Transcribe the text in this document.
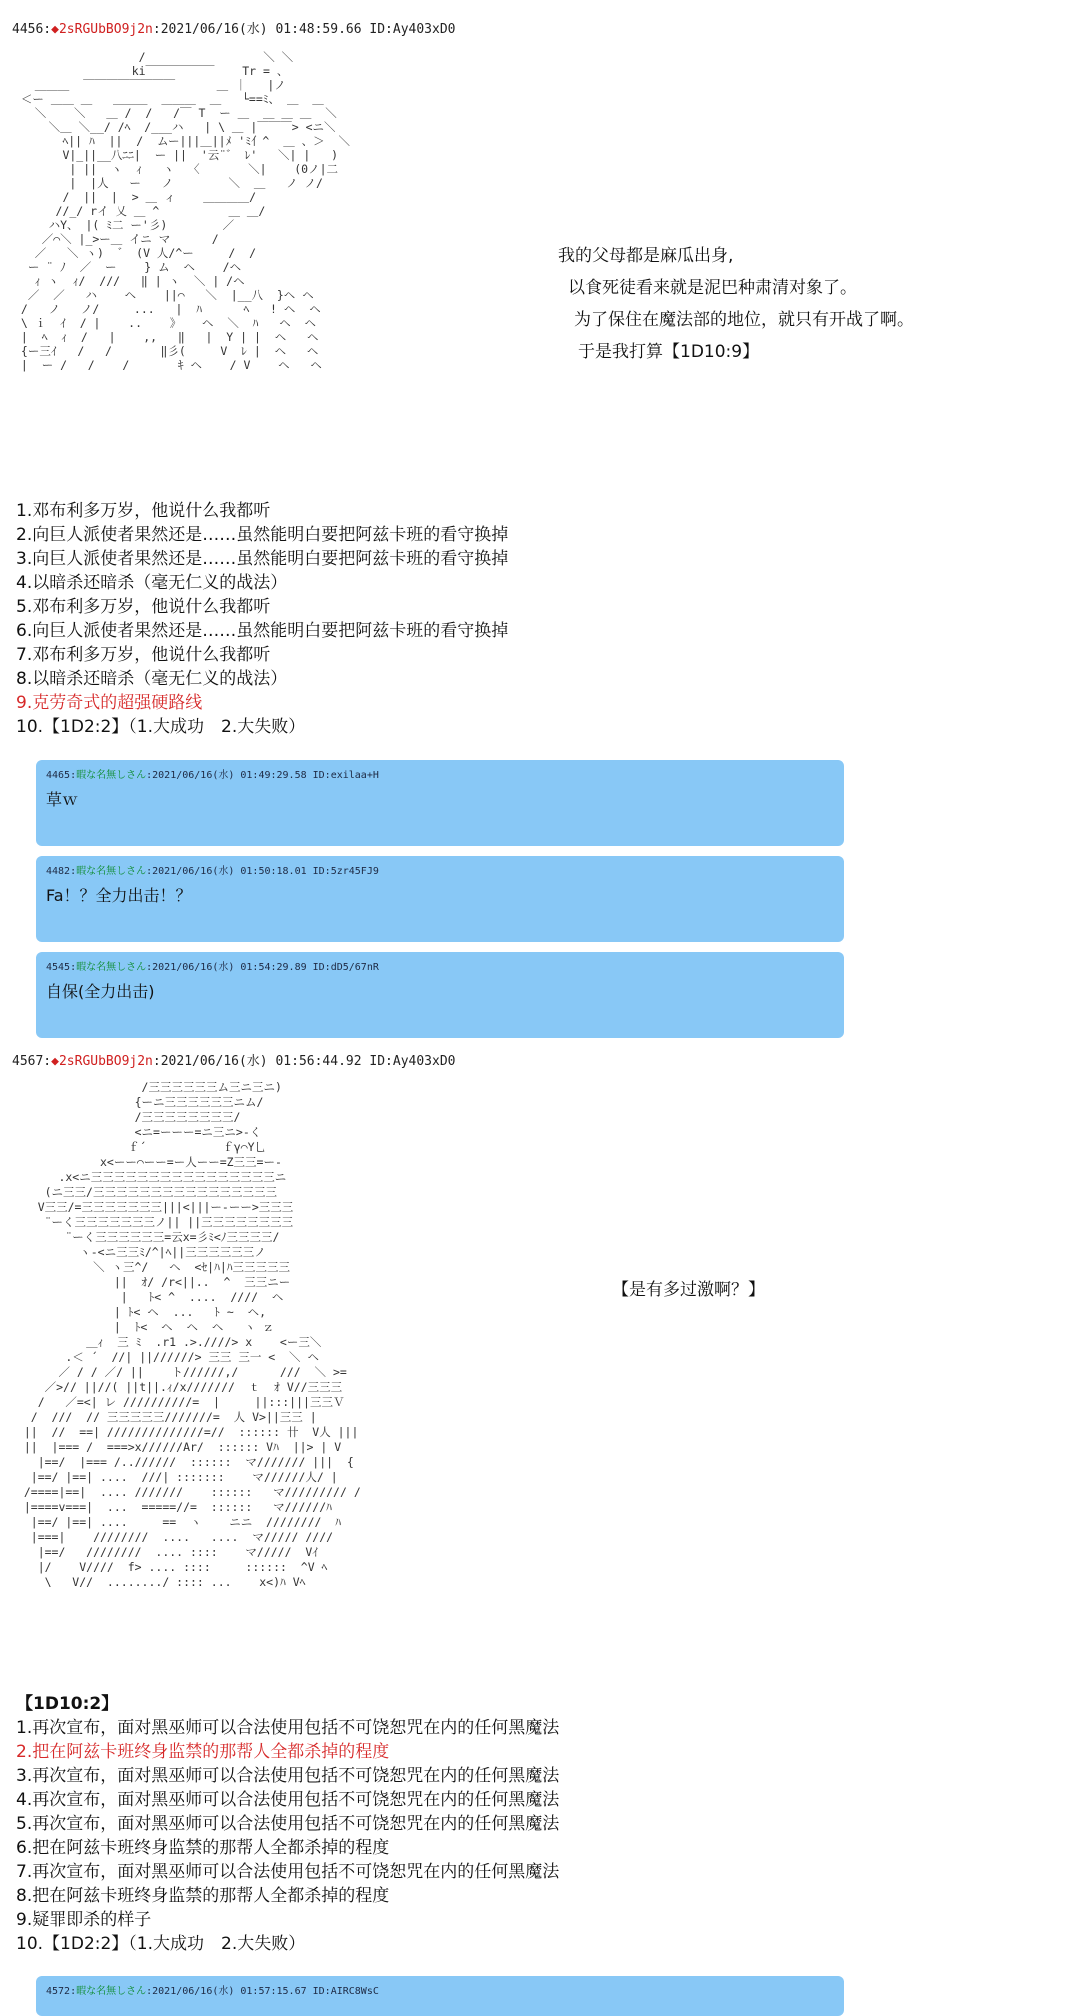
4456:◆2sRGUbBO9j2n:2021/06/16(水) 01:48:59.66 ID:Ay403xD0
/                 ＼ ＼
ki￣￣￣￣￣￣    Tr = 、
＿＿＿  ￣￣￣￣￣￣￣￣      ＿ ｜   |ノ
＜ー ＿＿ ＿   ＿＿＿  ＿＿＿  ＿   └==ﾐ、 ＿  ＿
＼    ＼   ＿ /  /   /￣ T  ー ＿  ＿ ＿ ＿  ＼
＼＿ ＼__/ /ﾍ  /___ハ   | \ ＿ |￣￣￣> <ニ＼
ﾍ|| ﾊ  ||  /  ムー|||＿||ﾒ 'ﾐ亻^  ＿ 、＞  ＼
V|_||__八ﾆﾆ|  ー ||  '云¨゛ ﾚ'   ＼| |   )
| ||  ヽ  ｨ   ヽ  〈       ＼|    (0ノ|二
|  |人   ー   ノ        ＼  ＿   ノ ノ/
/  ||  |  > ＿ ィ    ＿＿＿＿/
//_/ rイ 乂 ＿ ^          ＿ ＿/
ハY、 |( ﾐ二 ー'彡)        ／
／⌒＼ |_>ー＿ イニ マ      /
／   ＼ ヽ)  ゛ (V 人/^ー     /  /
ー ¨ ﾉ  ／  ー    } ム  ヘ    /ヘ
ｨ ヽ  ｨ/  ///   ‖ | ヽ  ＼ | /ヘ
／  ／   ハ    ヘ    ||⌒   ＼  |__八  }ヘ ヘ
/   ノ   ノ/     ...   |  ﾊ      ﾍ   ! ヘ  ヘ
\ ｉ  ｲ  / |    ..    》   ヘ  ＼  ﾊ   ヘ  ヘ
|  ﾍ  ｨ  /   |    ,,   ‖   |  Y | |  ヘ   ヘ
{ー三ｲ   /   /       ‖彡(     V  ﾚ |  ヘ   ヘ
|  ー /   /    /       ｷ ヘ    / V    ヘ   ヘ
我的父母都是麻瓜出身,
以食死徒看来就是泥巴种肃清对象了。
为了保住在魔法部的地位，就只有开战了啊。
于是我打算【1D10:9】
1.邓布利多万岁，他说什么我都听
2.向巨人派使者果然还是……虽然能明白要把阿兹卡班的看守换掉
3.向巨人派使者果然还是……虽然能明白要把阿兹卡班的看守换掉
4.以暗杀还暗杀（毫无仁义的战法）
5.邓布利多万岁，他说什么我都听
6.向巨人派使者果然还是……虽然能明白要把阿兹卡班的看守换掉
7.邓布利多万岁，他说什么我都听
8.以暗杀还暗杀（毫无仁义的战法）
9.克劳奇式的超强硬路线
10.【1D2:2】（1.大成功　2.大失败）
4465:暇な名無しさん:2021/06/16(水) 01:49:29.58 ID:exilaa+H
草ｗ
4482:暇な名無しさん:2021/06/16(水) 01:50:18.01 ID:5zr45FJ9
Fa！？全力出击！？
4545:暇な名無しさん:2021/06/16(水) 01:54:29.89 ID:dD5/67nR
自保(全力出击)
4567:◆2sRGUbBO9j2n:2021/06/16(水) 01:56:44.92 ID:Ay403xD0
/三三三三三三ム三ニ三ニ)
{ーニ三三三三三三ニム/
/三三三三三三三三/
<ニ=ーーー=ニ三ニ>-く
ｆ´           ｆγ⌒Y乚
x<ーー⌒ーー=ー人ーー=Z三三=ー-
.x<ニ三三三三三三三三三三三三三三三三ニ
(ニ三三/三三三三三三三三三三三三三三三三
V三三/=三三三三三三三|||<|||ー-ーー>三三三
¨ーく三三三三三三三ノ|| ||三三三三三三三三
¨ーく三三三三三三=云x=彡ﾐ<ﾉ三三三三/
ヽ-<ニ三三ﾐ/^|ﾍ||三三三三三三ノ
＼ ヽ三^/   ヘ  <ｾ|ﾊ|ﾊ三三三三三
||  ｵ/ /r<||..  ^  三三ニー
|   ﾄ< ^  ....  ////  ヘ
| ﾄ< ヘ  ...   ﾄ ~  ヘ,
|  ﾄ<  ヘ  ヘ  ヘ   ヽ ｚ
＿ｨ  三 ﾐ  .r1 .>.////> x    <ー三＼
.＜ ´  //| ||//////> 三三 三一 <  ＼ ヘ
／ / / ／/ ||    ト//////,/      ///  ＼ >=
／>// ||//( ||t||.ｨ/x///////  ｔ  ｵ V//三三三
/   ／=<| レ //////////=  |     ||:::|||三三Ｖ
/  ///  // 三三三三三///////=  人 V>||三三 |
||  //  ==| //////////////=//  :::::: 卄  V人 |||
||  |=== /  ===>x//////Ar/  :::::: Vﾊ  ||> | V
|==/  |=== /..//////  ::::::  マ/////// |||  {
|==/ |==| ....  ///| :::::::    マ//////人/ |
/====|==|  .... ///////    ::::::   マ///////// /
|====v===|  ...  =====//=  ::::::   マ//////ﾊ
|==/ |==| ....     ==  ヽ    ニニ  ////////  ﾊ
|===|    ////////  ....   ....  マ///// ////
|==/   ////////  .... ::::    マ/////  Vｲ
|/    V////  f> .... ::::     ::::::  ^V ﾍ
\   V//  ......../ :::: ...    x<)ﾊ Vﾍ
【是有多过激啊？】
【1D10:2】
1.再次宣布，面对黑巫师可以合法使用包括不可饶恕咒在内的任何黑魔法
2.把在阿兹卡班终身监禁的那帮人全都杀掉的程度
3.再次宣布，面对黑巫师可以合法使用包括不可饶恕咒在内的任何黑魔法
4.再次宣布，面对黑巫师可以合法使用包括不可饶恕咒在内的任何黑魔法
5.再次宣布，面对黑巫师可以合法使用包括不可饶恕咒在内的任何黑魔法
6.把在阿兹卡班终身监禁的那帮人全都杀掉的程度
7.再次宣布，面对黑巫师可以合法使用包括不可饶恕咒在内的任何黑魔法
8.把在阿兹卡班终身监禁的那帮人全都杀掉的程度
9.疑罪即杀的样子
10.【1D2:2】（1.大成功　2.大失败）
4572:暇な名無しさん:2021/06/16(水) 01:57:15.67 ID:AIRC8WsC
